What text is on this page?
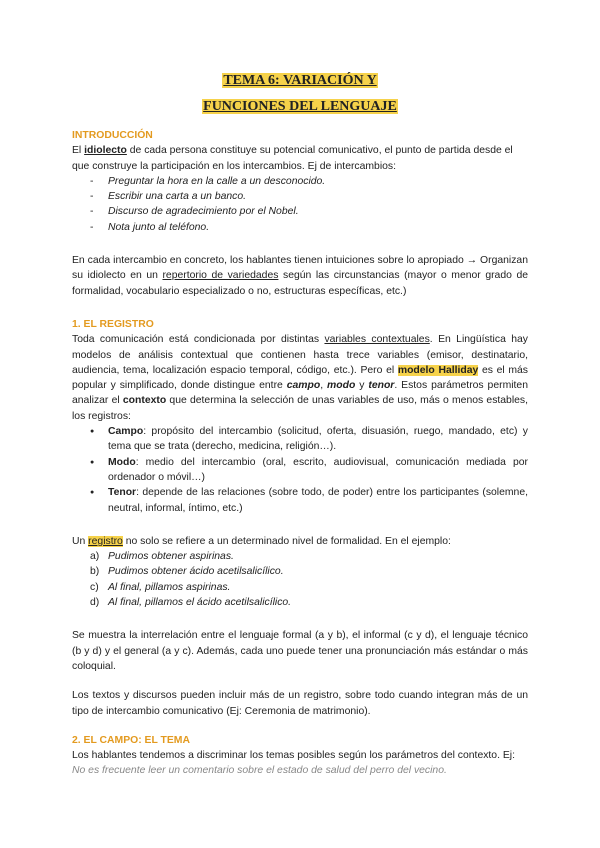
TEMA 6: VARIACIÓN Y
FUNCIONES DEL LENGUAJE
INTRODUCCIÓN

El idiolecto de cada persona constituye su potencial comunicativo, el punto de partida desde el que construye la participación en los intercambios. Ej de intercambios:

- Preguntar la hora en la calle a un desconocido.
- Escribir una carta a un banco.
- Discurso de agradecimiento por el Nobel.
- Nota junto al teléfono.

En cada intercambio en concreto, los hablantes tienen intuiciones sobre lo apropiado → Organizan su idiolecto en un repertorio de variedades según las circunstancias (mayor o menor grado de formalidad, vocabulario especializado o no, estructuras específicas, etc.)

1. EL REGISTRO

Toda comunicación está condicionada por distintas variables contextuales. En Lingüística hay modelos de análisis contextual que contienen hasta trece variables (emisor, destinatario, audiencia, tema, localización espacio temporal, código, etc.). Pero el modelo Halliday es el más popular y simplificado, donde distingue entre campo, modo y tenor. Estos parámetros permiten analizar el contexto que determina la selección de unas variables de uso, más o menos estables, los registros:

● Campo: propósito del intercambio (solicitud, oferta, disuasión, ruego, mandado, etc) y tema que se trata (derecho, medicina, religión…).
● Modo: medio del intercambio (oral, escrito, audiovisual, comunicación mediada por ordenador o móvil…)
● Tenor: depende de las relaciones (sobre todo, de poder) entre los participantes (solemne, neutral, informal, íntimo, etc.)

Un registro no solo se refiere a un determinado nivel de formalidad. En el ejemplo:

a) Pudimos obtener aspirinas.
b) Pudimos obtener ácido acetilsalicílico.
c) Al final, pillamos aspirinas.
d) Al final, pillamos el ácido acetilsalicílico.

Se muestra la interrelación entre el lenguaje formal (a y b), el informal (c y d), el lenguaje técnico (b y d) y el general (a y c). Además, cada uno puede tener una pronunciación más estándar o más coloquial.

Los textos y discursos pueden incluir más de un registro, sobre todo cuando integran más de un tipo de intercambio comunicativo (Ej: Ceremonia de matrimonio).

2. EL CAMPO: EL TEMA

Los hablantes tendemos a discriminar los temas posibles según los parámetros del contexto. Ej:

No es frecuente leer un comentario sobre el estado de salud del perro del vecino.
